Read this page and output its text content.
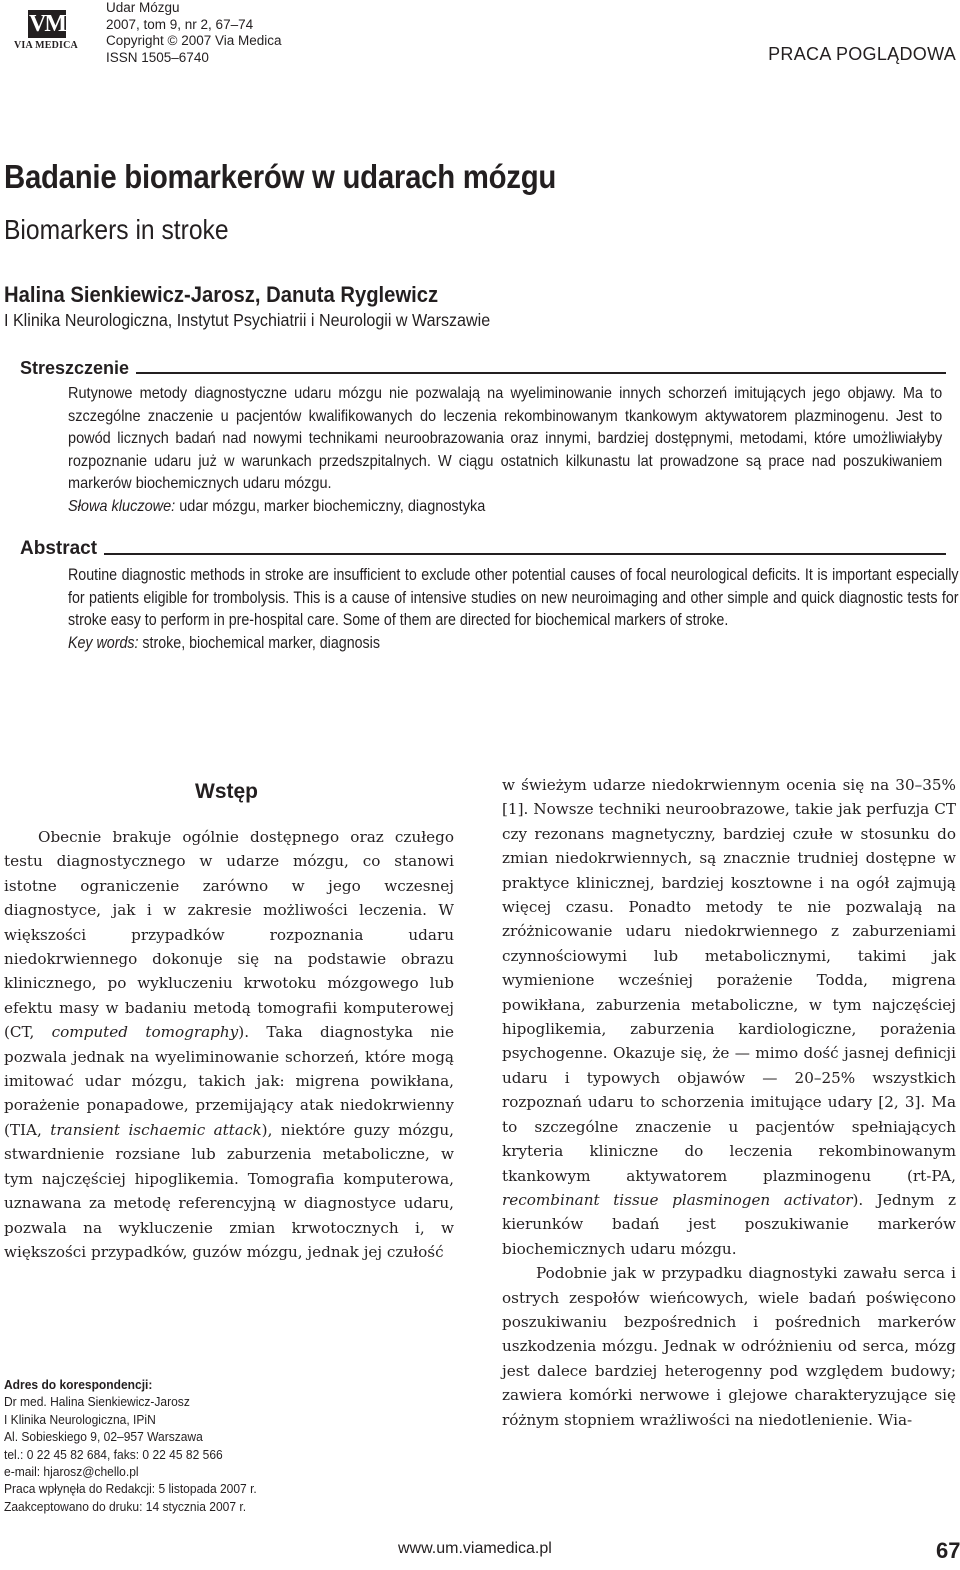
VM
VIA MEDICA
Udar Mózgu
2007, tom 9, nr 2, 67–74
Copyright © 2007 Via Medica
ISSN 1505–6740	PRACA POGLĄDOWA
Badanie biomarkerów w udarach mózgu
Biomarkers in stroke
Halina Sienkiewicz-Jarosz, Danuta Ryglewicz
I Klinika Neurologiczna, Instytut Psychiatrii i Neurologii w Warszawie
Streszczenie

Rutynowe metody diagnostyczne udaru mózgu nie pozwalają na wyeliminowanie innych schorzeń imitujących jego objawy. Ma to szczególne znaczenie u pacjentów kwalifikowanych do leczenia rekombinowanym tkankowym aktywatorem plazminogenu. Jest to powód licznych badań nad nowymi technikami neuroobrazowania oraz innymi, bardziej dostępnymi, metodami, które umożliwiałyby rozpoznanie udaru już w warunkach przedszpitalnych. W ciągu ostatnich kilkunastu lat prowadzone są prace nad poszukiwaniem markerów biochemicznych udaru mózgu.

Słowa kluczowe: udar mózgu, marker biochemiczny, diagnostyka

Abstract

Routine diagnostic methods in stroke are insufficient to exclude other potential causes of focal neurological deficits. It is important especially for patients eligible for trombolysis. This is a cause of intensive studies on new neuroimaging and other simple and quick diagnostic tests for stroke easy to perform in pre-hospital care. Some of them are directed for biochemical markers of stroke.

Key words: stroke, biochemical marker, diagnosis

Wstęp

Obecnie brakuje ogólnie dostępnego oraz czułego testu diagnostycznego w udarze mózgu, co stanowi istotne ograniczenie zarówno w jego wczesnej diagnostyce, jak i w zakresie możliwości leczenia. W większości przypadków rozpoznania udaru niedokrwiennego dokonuje się na podstawie obrazu klinicznego, po wykluczeniu krwotoku mózgowego lub efektu masy w badaniu metodą tomografii komputerowej (CT, computed tomography). Taka diagnostyka nie pozwala jednak na wyeliminowanie schorzeń, które mogą imitować udar mózgu, takich jak: migrena powikłana, porażenie ponapadowe, przemijający atak niedokrwienny (TIA, transient ischaemic attack), niektóre guzy mózgu, stwardnienie rozsiane lub zaburzenia metaboliczne, w tym najczęściej hipoglikemia. Tomografia komputerowa, uznawana za metodę referencyjną w diagnostyce udaru, pozwala na wykluczenie zmian krwotocznych i, w większości przypadków, guzów mózgu, jednak jej czułość

w świeżym udarze niedokrwiennym ocenia się na 30–35% [1]. Nowsze techniki neuroobrazowe, takie jak perfuzja CT czy rezonans magnetyczny, bardziej czułe w stosunku do zmian niedokrwiennych, są znacznie trudniej dostępne w praktyce klinicznej, bardziej kosztowne i na ogół zajmują więcej czasu. Ponadto metody te nie pozwalają na zróżnicowanie udaru niedokrwiennego z zaburzeniami czynnościowymi lub metabolicznymi, takimi jak wymienione wcześniej porażenie Todda, migrena powikłana, zaburzenia metaboliczne, w tym najczęściej hipoglikemia, zaburzenia kardiologiczne, porażenia psychogenne. Okazuje się, że — mimo dość jasnej definicji udaru i typowych objawów — 20–25% wszystkich rozpoznań udaru to schorzenia imitujące udary [2, 3]. Ma to szczególne znaczenie u pacjentów spełniających kryteria kliniczne do leczenia rekombinowanym tkankowym aktywatorem plazminogenu (rt-PA, recombinant tissue plasminogen activator). Jednym z kierunków badań jest poszukiwanie markerów biochemicznych udaru mózgu.

Podobnie jak w przypadku diagnostyki zawału serca i ostrych zespołów wieńcowych, wiele badań poświęcono poszukiwaniu bezpośrednich i pośrednich markerów uszkodzenia mózgu. Jednak w odróżnieniu od serca, mózg jest dalece bardziej heterogenny pod względem budowy; zawiera komórki nerwowe i glejowe charakteryzujące się różnym stopniem wrażliwości na niedotlenienie. Wia-

Adres do korespondencji:
Dr med. Halina Sienkiewicz-Jarosz
I Klinika Neurologiczna, IPiN
Al. Sobieskiego 9, 02–957 Warszawa
tel.: 0 22 45 82 684, faks: 0 22 45 82 566
e-mail: hjarosz@chello.pl
Praca wpłynęła do Redakcji: 5 listopada 2007 r.
Zaakceptowano do druku: 14 stycznia 2007 r.
www.um.viamedica.pl	67
